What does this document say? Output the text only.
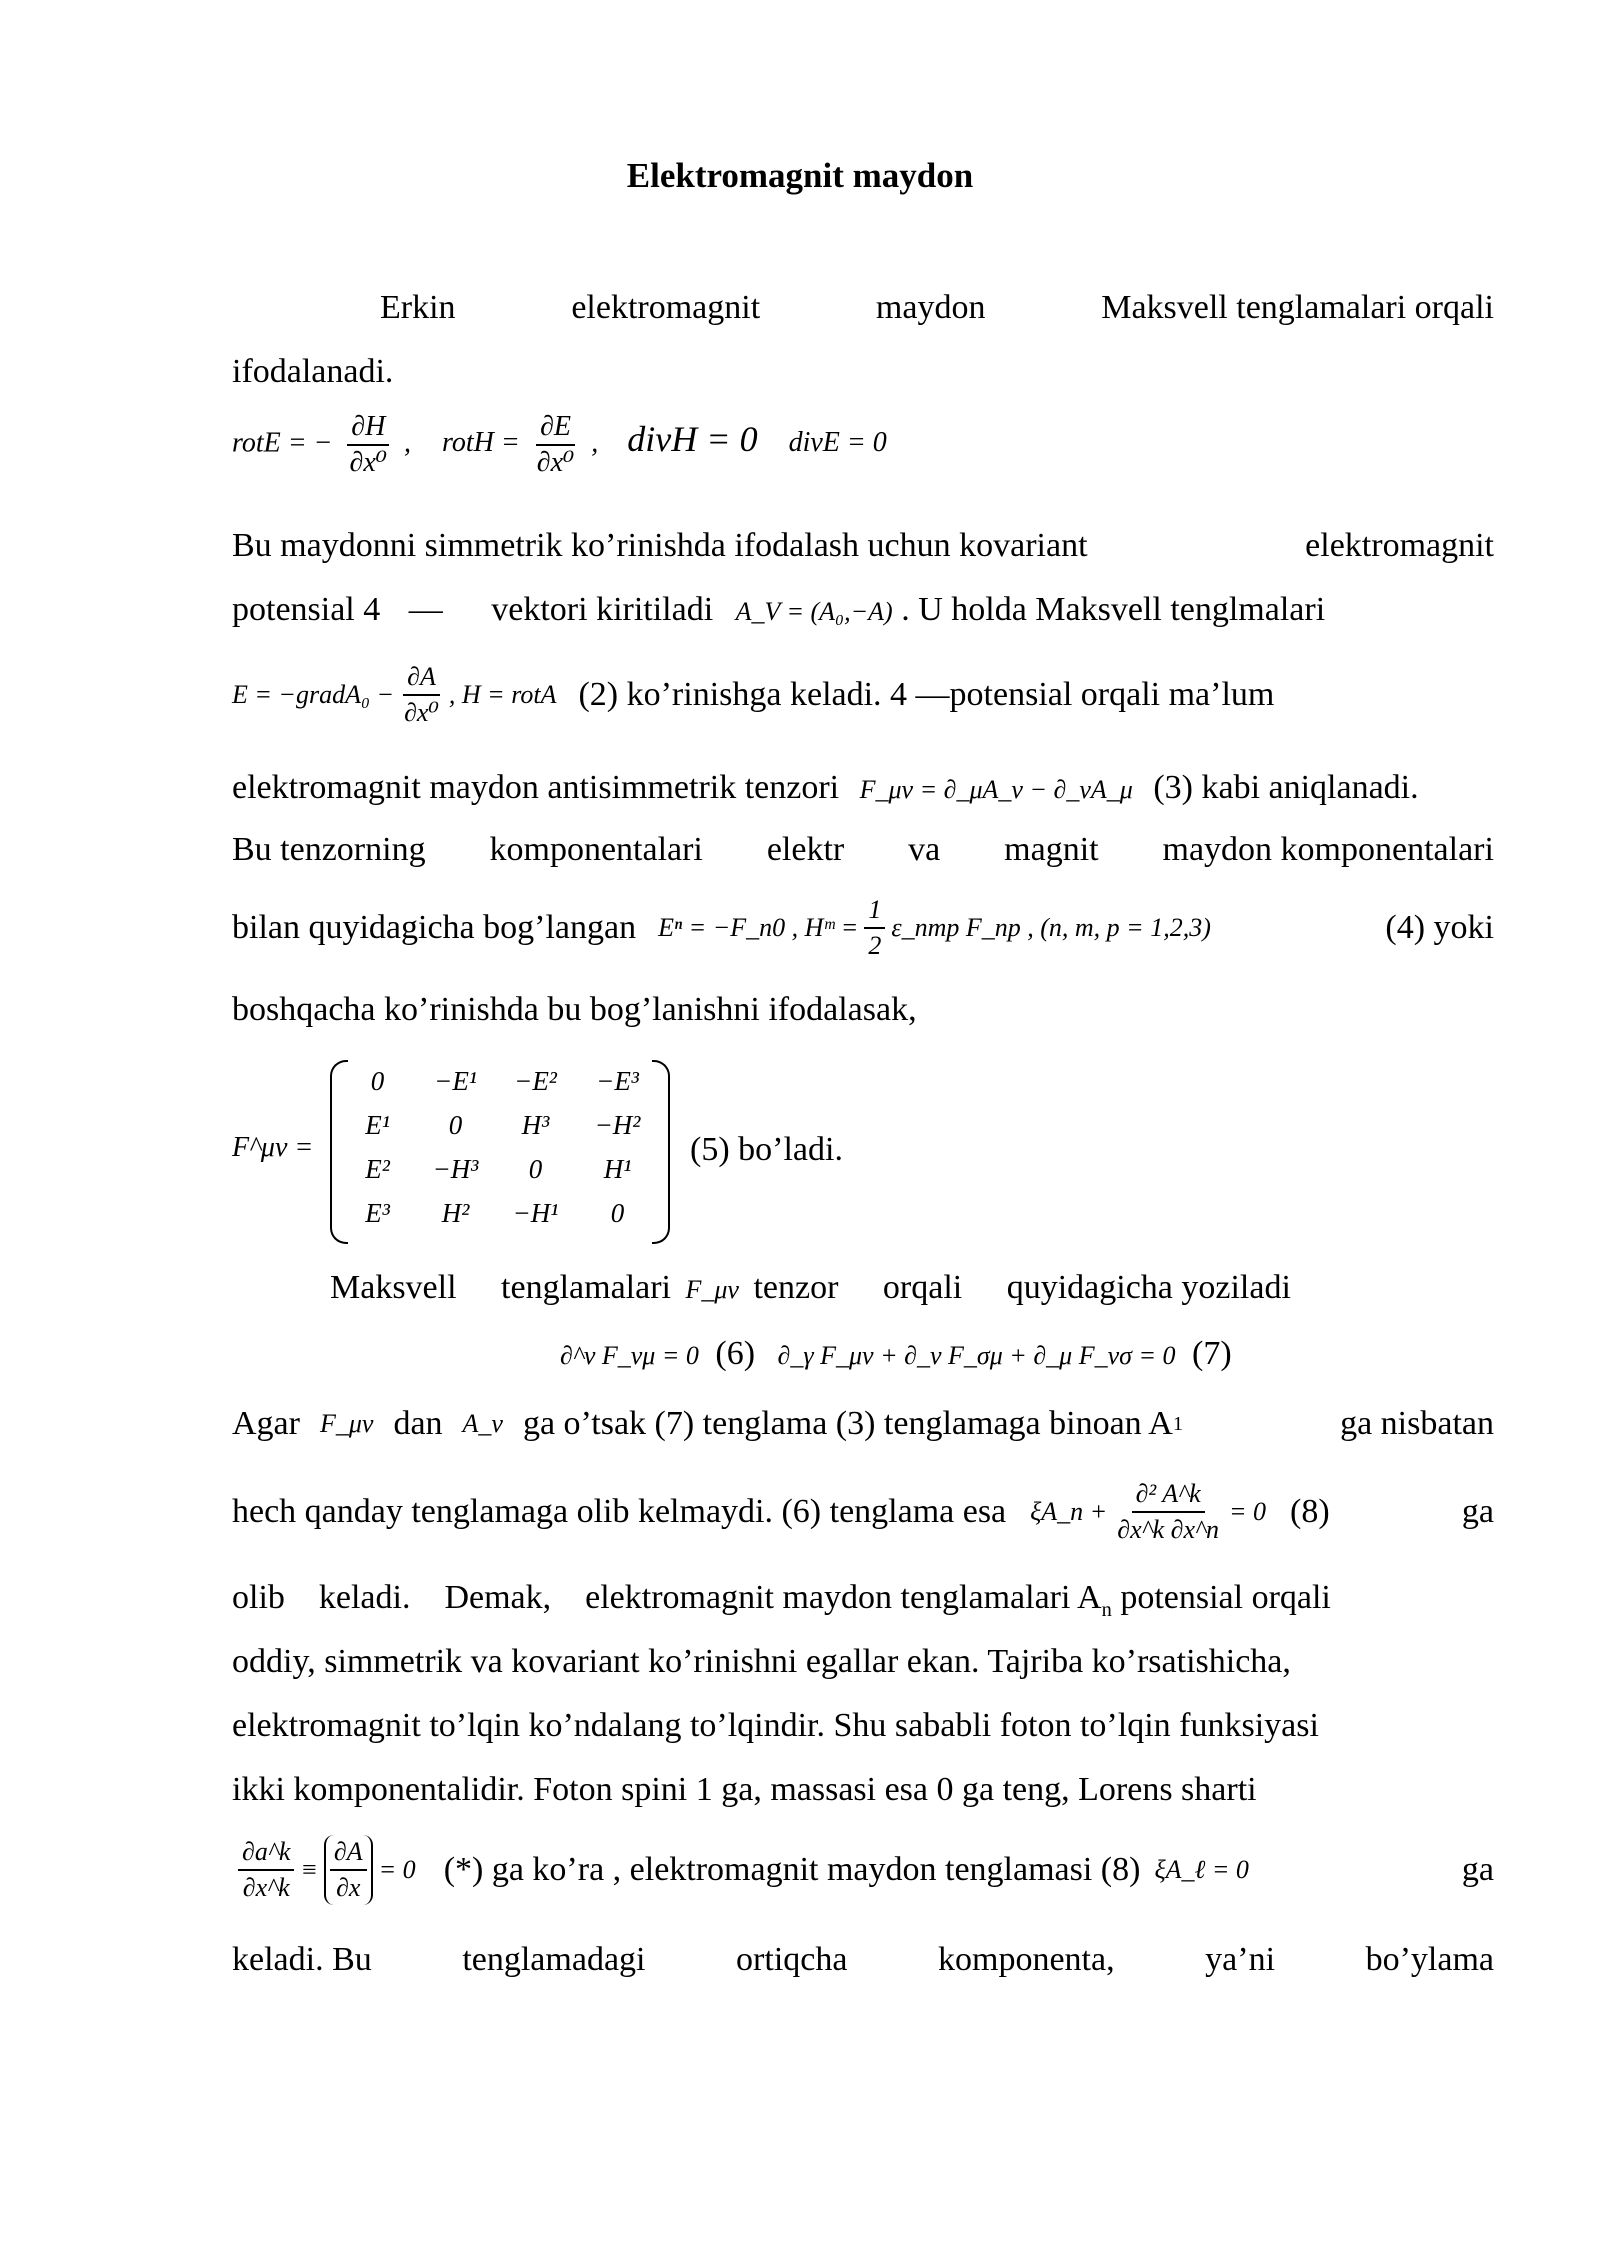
Elektromagnit maydon
Erkin	elektromagnit	maydon	Maksvell tenglamalari orqali
ifodalanadi.
rotE = − $\frac{\partial H}{\text{∂x⁰}}$ , rotH = $\frac{\partial E}{\text{∂x⁰}}$ , divH = 0 divE = 0
Bu maydonni simmetrik ko’rinishda ifodalash uchun kovariant	elektromagnit
potensial 4 — vektori kiritiladi A_V = (A₀,−A) . U holda Maksvell tenglmalari
E = −gradA₀ − $\frac{\partial A}{\text{∂x⁰}}$ , H = rotA (2) ko’rinishga keladi. 4 —potensial orqali ma’lum
elektromagnit maydon antisimmetrik tenzori F_μν = ∂_μA_ν − ∂_νA_μ (3) kabi aniqlanadi.
Bu tenzorning komponentalari elektr va magnit maydon komponentalari
bilan quyidagicha bog’langan Eⁿ = −F_n0 , Hᵐ = $\frac{1}{2}$ ε_nmp F_np , (n, m, p = 1,2,3)	(4) yoki
boshqacha ko’rinishda bu bog’lanishni ifodalasak,
F^μν =
0	−E¹	−E²	−E³
E¹	0	H³	−H²
E²	−H³	0	H¹
E³	H²	−H¹	0
(5) bo’ladi.
Maksvell tenglamalari F_μν tenzor orqali quyidagicha yoziladi
∂^ν F_νμ = 0 (6) ∂_γ F_μν + ∂_ν F_σμ + ∂_μ F_νσ = 0 (7)
Agar F_μν dan A_ν ga o’tsak (7) tenglama (3) tenglamaga binoan A 1	ga nisbatan
hech qanday tenglamaga olib kelmaydi. (6) tenglama esa ξA_n + $\frac{\text{∂² A\textasciicircum{}k}}{\partial x\^{}k \partial x\^{}n} = 0$ (8)	ga
olib    keladi.    Demak,    elektromagnit maydon tenglamalari $A_n$ potensial orqali
oddiy, simmetrik va kovariant ko’rinishni egallar ekan. Tajriba ko’rsatishicha,
elektromagnit to’lqin ko’ndalang to’lqindir. Shu sababli foton to’lqin funksiyasi
ikki komponentalidir. Foton spini 1 ga, massasi esa 0 ga teng, Lorens sharti
$\frac{\partial a\^{}k}{\partial x\^{}k} \equiv \frac{\partial A}{\partial x} = 0$ (*) ga ko’ra , elektromagnit maydon tenglamasi (8) ξA_ℓ = 0	ga
keladi. Bu	tenglamadagi	ortiqcha	komponenta,	ya’ni	bo’ylama
